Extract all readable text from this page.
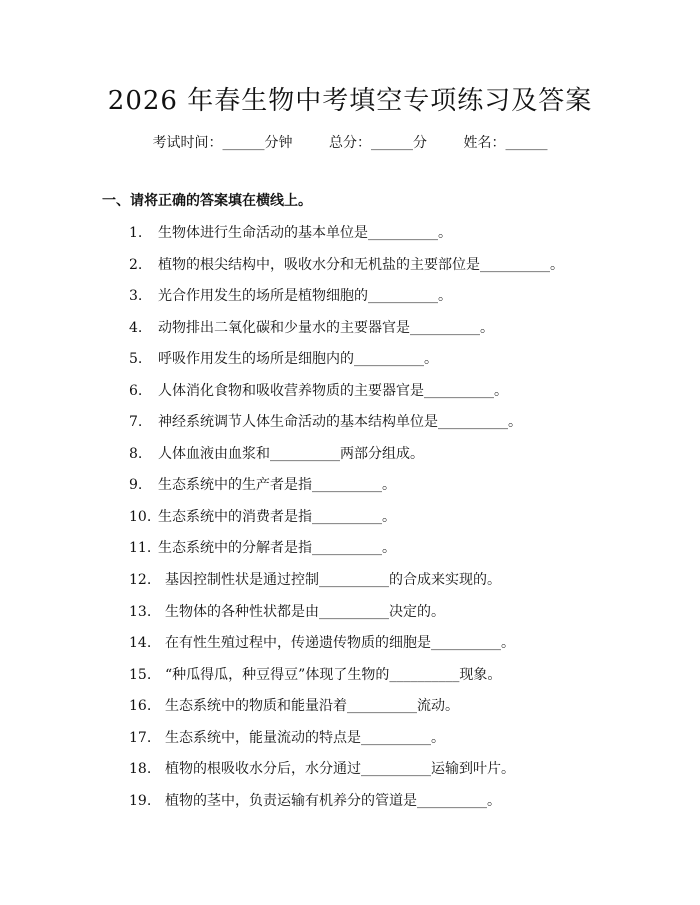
2026 年春生物中考填空专项练习及答案
考试时间：______分钟	总分：______分	姓名：______
一、请将正确的答案填在横线上。
1.	生物体进行生命活动的基本单位是__________。
2.	植物的根尖结构中，吸收水分和无机盐的主要部位是__________。
3.	光合作用发生的场所是植物细胞的__________。
4.	动物排出二氧化碳和少量水的主要器官是__________。
5.	呼吸作用发生的场所是细胞内的__________。
6.	人体消化食物和吸收营养物质的主要器官是__________。
7.	神经系统调节人体生命活动的基本结构单位是__________。
8.	人体血液由血浆和__________两部分组成。
9.	生态系统中的生产者是指__________。
10. 生态系统中的消费者是指__________。
11. 生态系统中的分解者是指__________。
12. 基因控制性状是通过控制__________的合成来实现的。
13. 生物体的各种性状都是由__________决定的。
14. 在有性生殖过程中，传递遗传物质的细胞是__________。
15. “种瓜得瓜，种豆得豆”体现了生物的__________现象。
16. 生态系统中的物质和能量沿着__________流动。
17. 生态系统中，能量流动的特点是__________。
18. 植物的根吸收水分后，水分通过__________运输到叶片。
19. 植物的茎中，负责运输有机养分的管道是__________。
